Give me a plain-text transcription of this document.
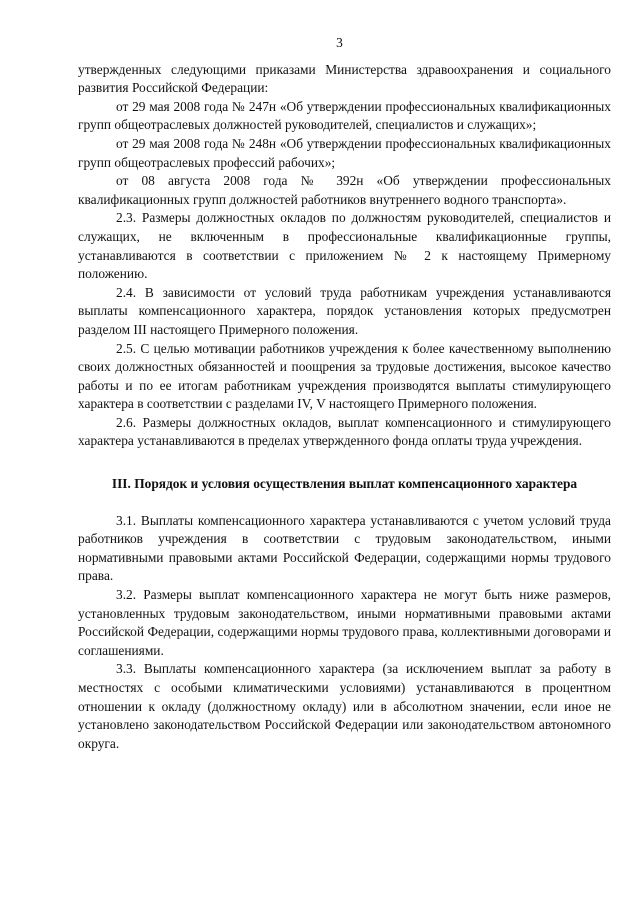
3

утвержденных следующими приказами Министерства здравоохранения и социального развития Российской Федерации:

от 29 мая 2008 года № 247н «Об утверждении профессиональных квалификационных групп общеотраслевых должностей руководителей, специалистов и служащих»;

от 29 мая 2008 года № 248н «Об утверждении профессиональных квалификационных групп общеотраслевых профессий рабочих»;

от 08 августа 2008 года № 392н «Об утверждении профессиональных квалификационных групп должностей работников внутреннего водного транспорта».

2.3. Размеры должностных окладов по должностям руководителей, специалистов и служащих, не включенным в профессиональные квалификационные группы, устанавливаются в соответствии с приложением № 2 к настоящему Примерному положению.

2.4. В зависимости от условий труда работникам учреждения устанавливаются выплаты компенсационного характера, порядок установления которых предусмотрен разделом III настоящего Примерного положения.

2.5. С целью мотивации работников учреждения к более качественному выполнению своих должностных обязанностей и поощрения за трудовые достижения, высокое качество работы и по ее итогам работникам учреждения производятся выплаты стимулирующего характера в соответствии с разделами IV, V настоящего Примерного положения.

2.6. Размеры должностных окладов, выплат компенсационного и стимулирующего характера устанавливаются в пределах утвержденного фонда оплаты труда учреждения.

III. Порядок и условия осуществления выплат компенсационного характера

3.1. Выплаты компенсационного характера устанавливаются с учетом условий труда работников учреждения в соответствии с трудовым законодательством, иными нормативными правовыми актами Российской Федерации, содержащими нормы трудового права.

3.2. Размеры выплат компенсационного характера не могут быть ниже размеров, установленных трудовым законодательством, иными нормативными правовыми актами Российской Федерации, содержащими нормы трудового права, коллективными договорами и соглашениями.

3.3. Выплаты компенсационного характера (за исключением выплат за работу в местностях с особыми климатическими условиями) устанавливаются в процентном отношении к окладу (должностному окладу) или в абсолютном значении, если иное не установлено законодательством Российской Федерации или законодательством автономного округа.
